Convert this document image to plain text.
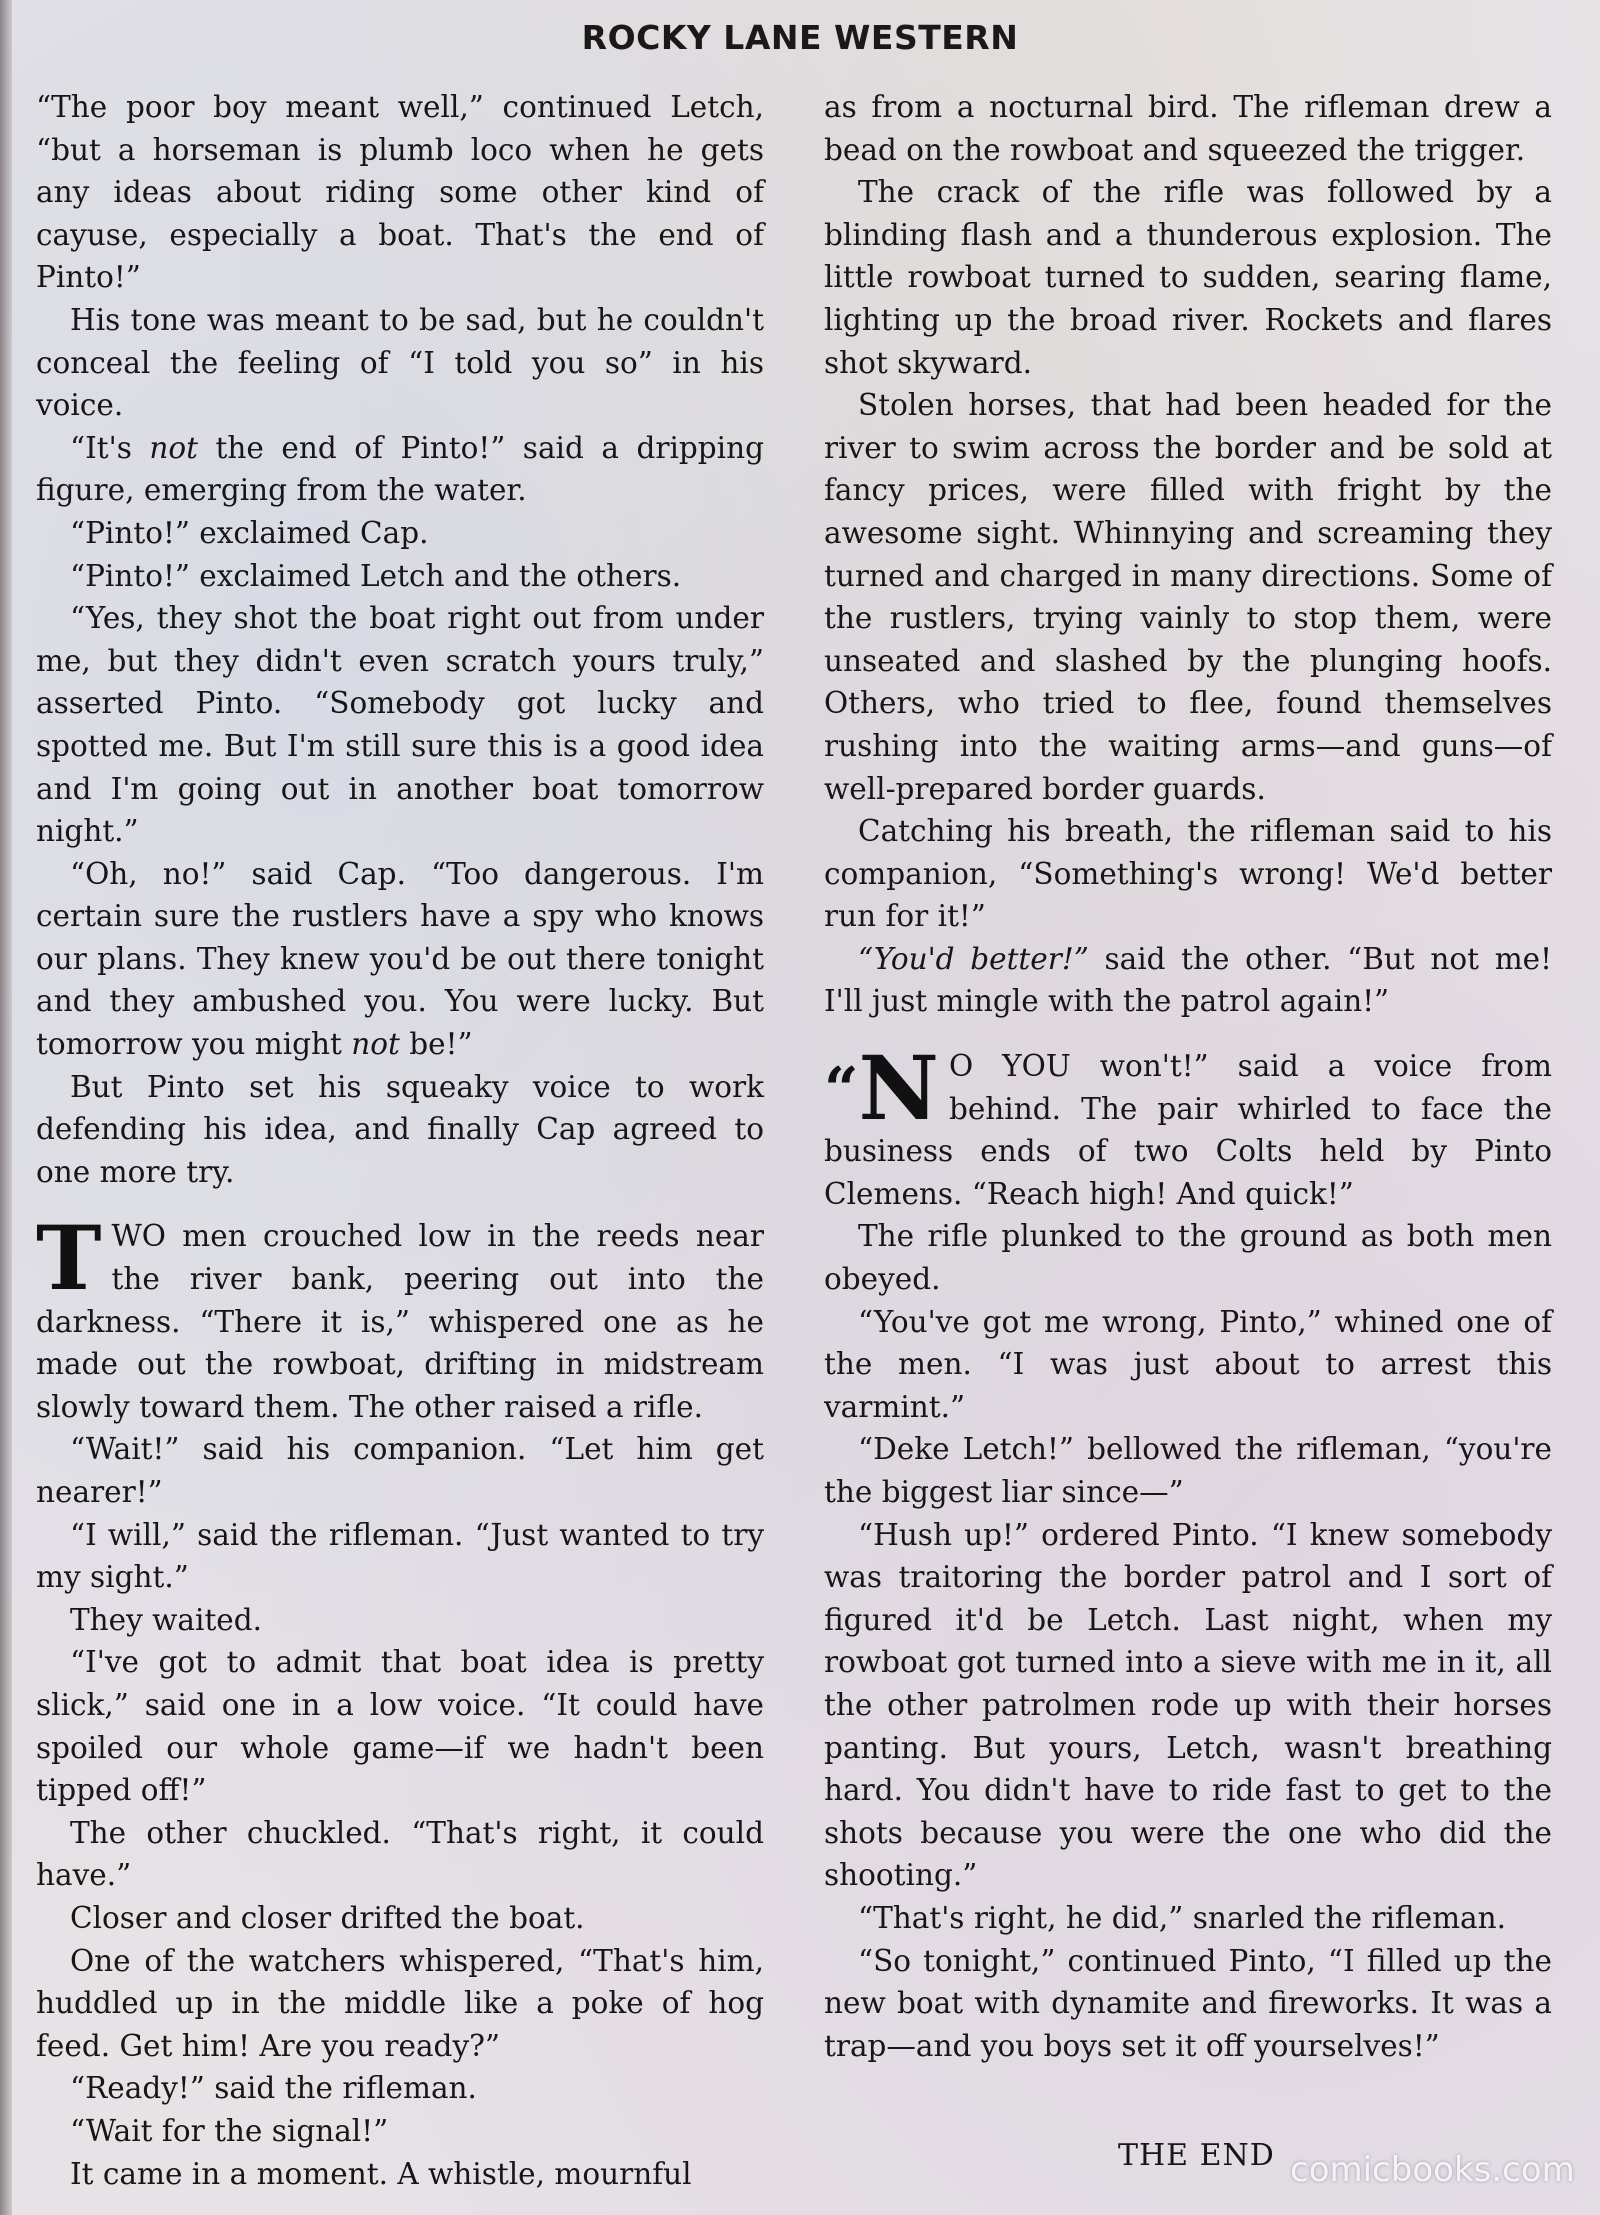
ROCKY LANE WESTERN

“The poor boy meant well,” continued Letch, “but a horseman is plumb loco when he gets any ideas about riding some other kind of cayuse, especially a boat. That's the end of Pinto!”

His tone was meant to be sad, but he couldn't conceal the feeling of “I told you so” in his voice.

“It's not the end of Pinto!” said a dripping figure, emerging from the water.

“Pinto!” exclaimed Cap.

“Pinto!” exclaimed Letch and the others.

“Yes, they shot the boat right out from under me, but they didn't even scratch yours truly,” asserted Pinto. “Somebody got lucky and spotted me. But I'm still sure this is a good idea and I'm going out in another boat tomorrow night.”

“Oh, no!” said Cap. “Too dangerous. I'm certain sure the rustlers have a spy who knows our plans. They knew you'd be out there tonight and they ambushed you. You were lucky. But tomorrow you might not be!”

But Pinto set his squeaky voice to work defending his idea, and finally Cap agreed to one more try.

T WO men crouched low in the reeds near the river bank, peering out into the darkness. “There it is,” whispered one as he made out the rowboat, drifting in midstream slowly toward them. The other raised a rifle.

“Wait!” said his companion. “Let him get nearer!”

“I will,” said the rifleman. “Just wanted to try my sight.”

They waited.

“I've got to admit that boat idea is pretty slick,” said one in a low voice. “It could have spoiled our whole game—if we hadn't been tipped off!”

The other chuckled. “That's right, it could have.”

Closer and closer drifted the boat.

One of the watchers whispered, “That's him, huddled up in the middle like a poke of hog feed. Get him! Are you ready?”

“Ready!” said the rifleman.

“Wait for the signal!”

It came in a moment. A whistle, mournful

as from a nocturnal bird. The rifleman drew a bead on the rowboat and squeezed the trigger.

The crack of the rifle was followed by a blinding flash and a thunderous explosion. The little rowboat turned to sudden, searing flame, lighting up the broad river. Rockets and flares shot skyward.

Stolen horses, that had been headed for the river to swim across the border and be sold at fancy prices, were filled with fright by the awesome sight. Whinnying and screaming they turned and charged in many directions. Some of the rustlers, trying vainly to stop them, were unseated and slashed by the plunging hoofs. Others, who tried to flee, found themselves rushing into the waiting arms—and guns—of well-prepared border guards.

Catching his breath, the rifleman said to his companion, “Something's wrong! We'd better run for it!”

“You'd better!” said the other. “But not me! I'll just mingle with the patrol again!”

“ N O YOU won't!” said a voice from behind. The pair whirled to face the business ends of two Colts held by Pinto Clemens. “Reach high! And quick!”

The rifle plunked to the ground as both men obeyed.

“You've got me wrong, Pinto,” whined one of the men. “I was just about to arrest this varmint.”

“Deke Letch!” bellowed the rifleman, “you're the biggest liar since—”

“Hush up!” ordered Pinto. “I knew somebody was traitoring the border patrol and I sort of figured it'd be Letch. Last night, when my rowboat got turned into a sieve with me in it, all the other patrolmen rode up with their horses panting. But yours, Letch, wasn't breathing hard. You didn't have to ride fast to get to the shots because you were the one who did the shooting.”

“That's right, he did,” snarled the rifleman.

“So tonight,” continued Pinto, “I filled up the new boat with dynamite and fireworks. It was a trap—and you boys set it off yourselves!”

THE END comicbooks.com
